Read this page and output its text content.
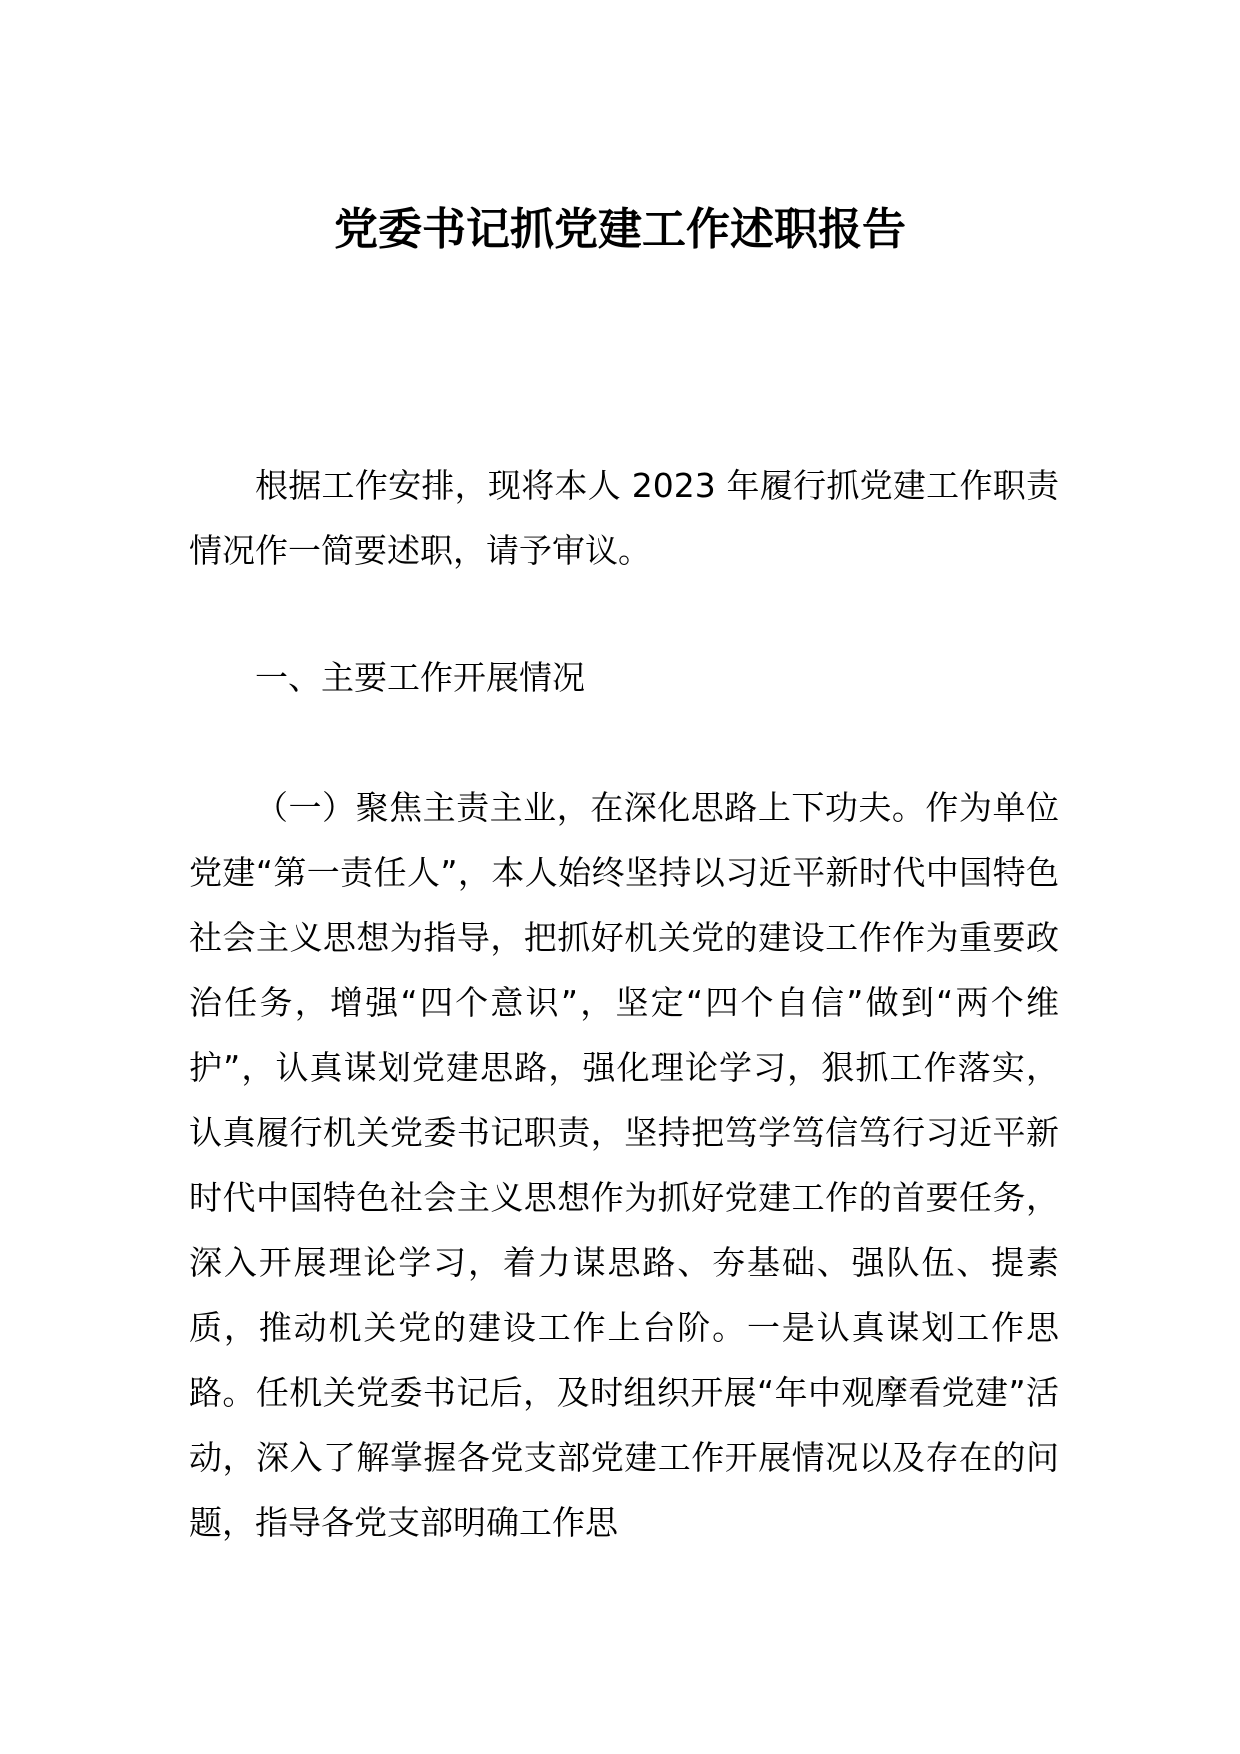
党委书记抓党建工作述职报告

根据工作安排，现将本人 2023 年履行抓党建工作职责情况作一简要述职，请予审议。

一、主要工作开展情况

（一）聚焦主责主业，在深化思路上下功夫。作为单位党建“第一责任人”，本人始终坚持以习近平新时代中国特色社会主义思想为指导，把抓好机关党的建设工作作为重要政治任务，增强“四个意识”，坚定“四个自信”做到“两个维护”，认真谋划党建思路，强化理论学习，狠抓工作落实，认真履行机关党委书记职责，坚持把笃学笃信笃行习近平新时代中国特色社会主义思想作为抓好党建工作的首要任务，深入开展理论学习，着力谋思路、夯基础、强队伍、提素质，推动机关党的建设工作上台阶。一是认真谋划工作思路。任机关党委书记后，及时组织开展“年中观摩看党建”活动，深入了解掌握各党支部党建工作开展情况以及存在的问题，指导各党支部明确工作思
